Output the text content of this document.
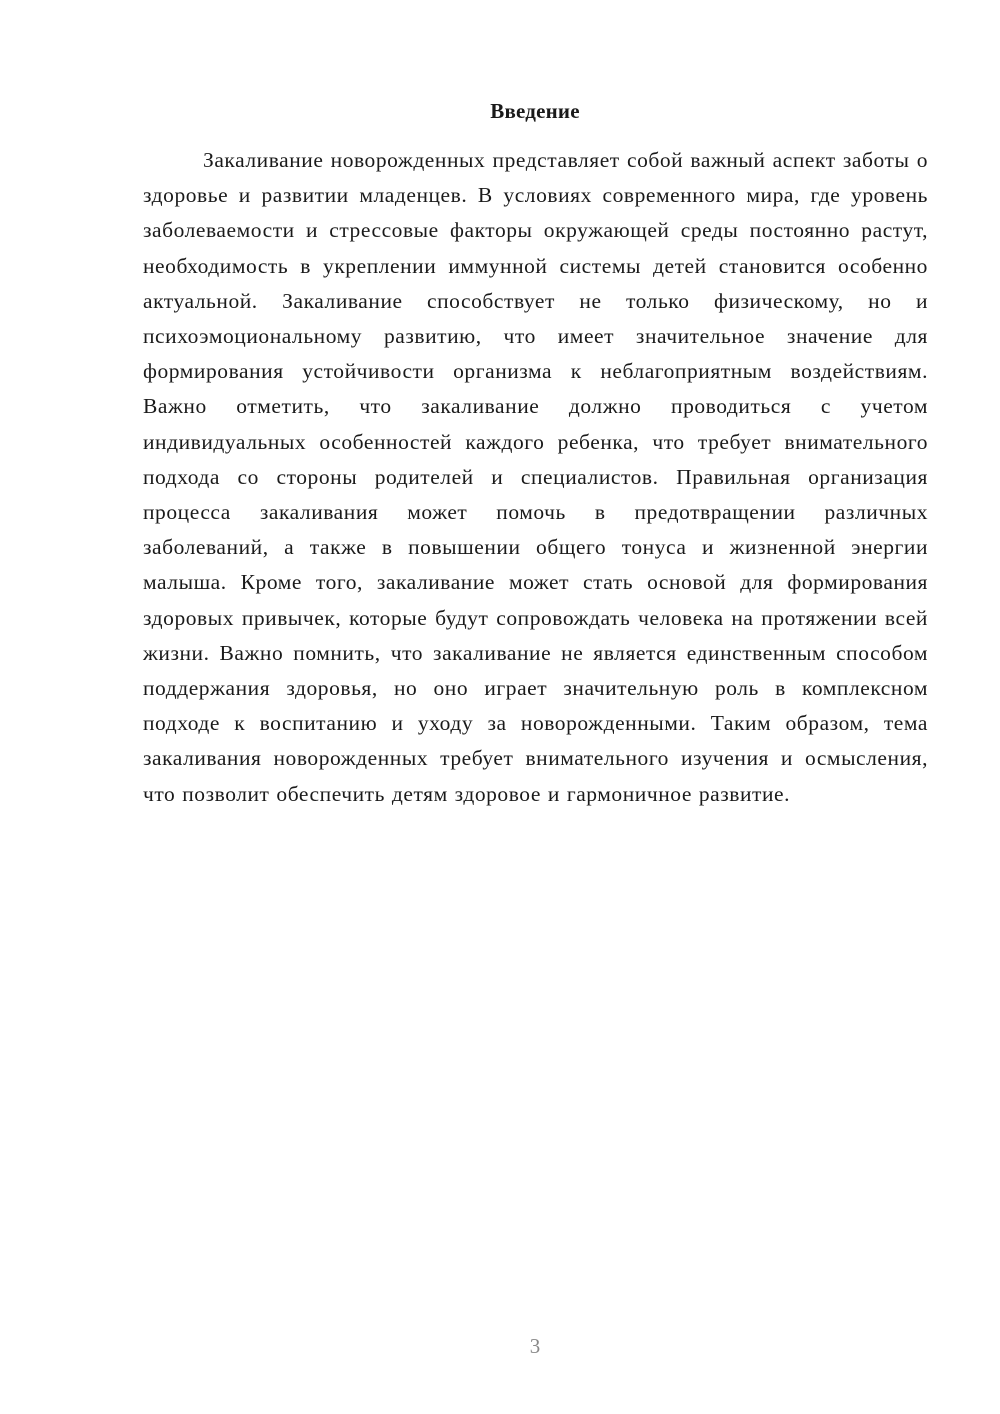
Введение

Закаливание новорожденных представляет собой важный аспект заботы о здоровье и развитии младенцев. В условиях современного мира, где уровень заболеваемости и стрессовые факторы окружающей среды постоянно растут, необходимость в укреплении иммунной системы детей становится особенно актуальной. Закаливание способствует не только физическому, но и психоэмоциональному развитию, что имеет значительное значение для формирования устойчивости организма к неблагоприятным воздействиям. Важно отметить, что закаливание должно проводиться с учетом индивидуальных особенностей каждого ребенка, что требует внимательного подхода со стороны родителей и специалистов. Правильная организация процесса закаливания может помочь в предотвращении различных заболеваний, а также в повышении общего тонуса и жизненной энергии малыша. Кроме того, закаливание может стать основой для формирования здоровых привычек, которые будут сопровождать человека на протяжении всей жизни. Важно помнить, что закаливание не является единственным способом поддержания здоровья, но оно играет значительную роль в комплексном подходе к воспитанию и уходу за новорожденными. Таким образом, тема закаливания новорожденных требует внимательного изучения и осмысления, что позволит обеспечить детям здоровое и гармоничное развитие.

3
